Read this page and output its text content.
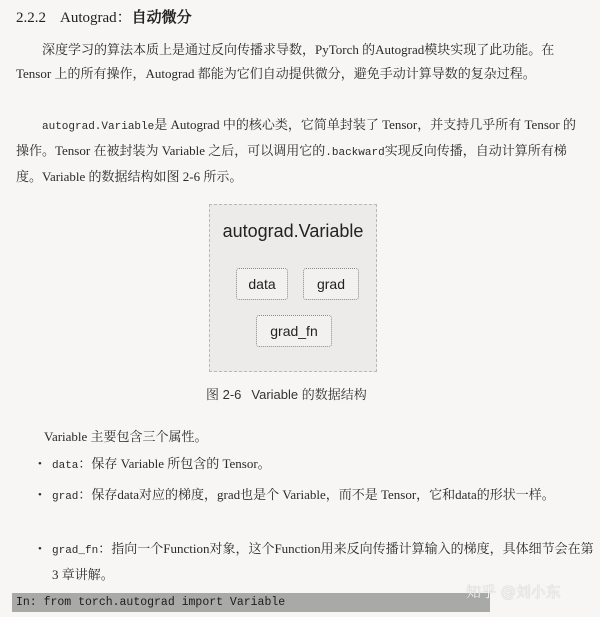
2.2.2 Autograd：自动微分
深度学习的算法本质上是通过反向传播求导数，PyTorch 的Autograd模块实现了此功能。在 Tensor 上的所有操作，Autograd 都能为它们自动提供微分，避免手动计算导数的复杂过程。
autograd.Variable是 Autograd 中的核心类，它简单封装了 Tensor，并支持几乎所有 Tensor 的操作。Tensor 在被封装为 Variable 之后，可以调用它的.backward实现反向传播，自动计算所有梯度。Variable 的数据结构如图 2-6 所示。
autograd.Variable
data	grad
grad_fn
图 2-6 Variable 的数据结构
Variable 主要包含三个属性。
• data：保存 Variable 所包含的 Tensor。
• grad：保存data对应的梯度，grad也是个 Variable，而不是 Tensor，它和data的形状一样。
• grad_fn：指向一个Function对象，这个Function用来反向传播计算输入的梯度，具体细节会在第 3 章讲解。
In: from torch.autograd import Variable
知乎 @刘小东
